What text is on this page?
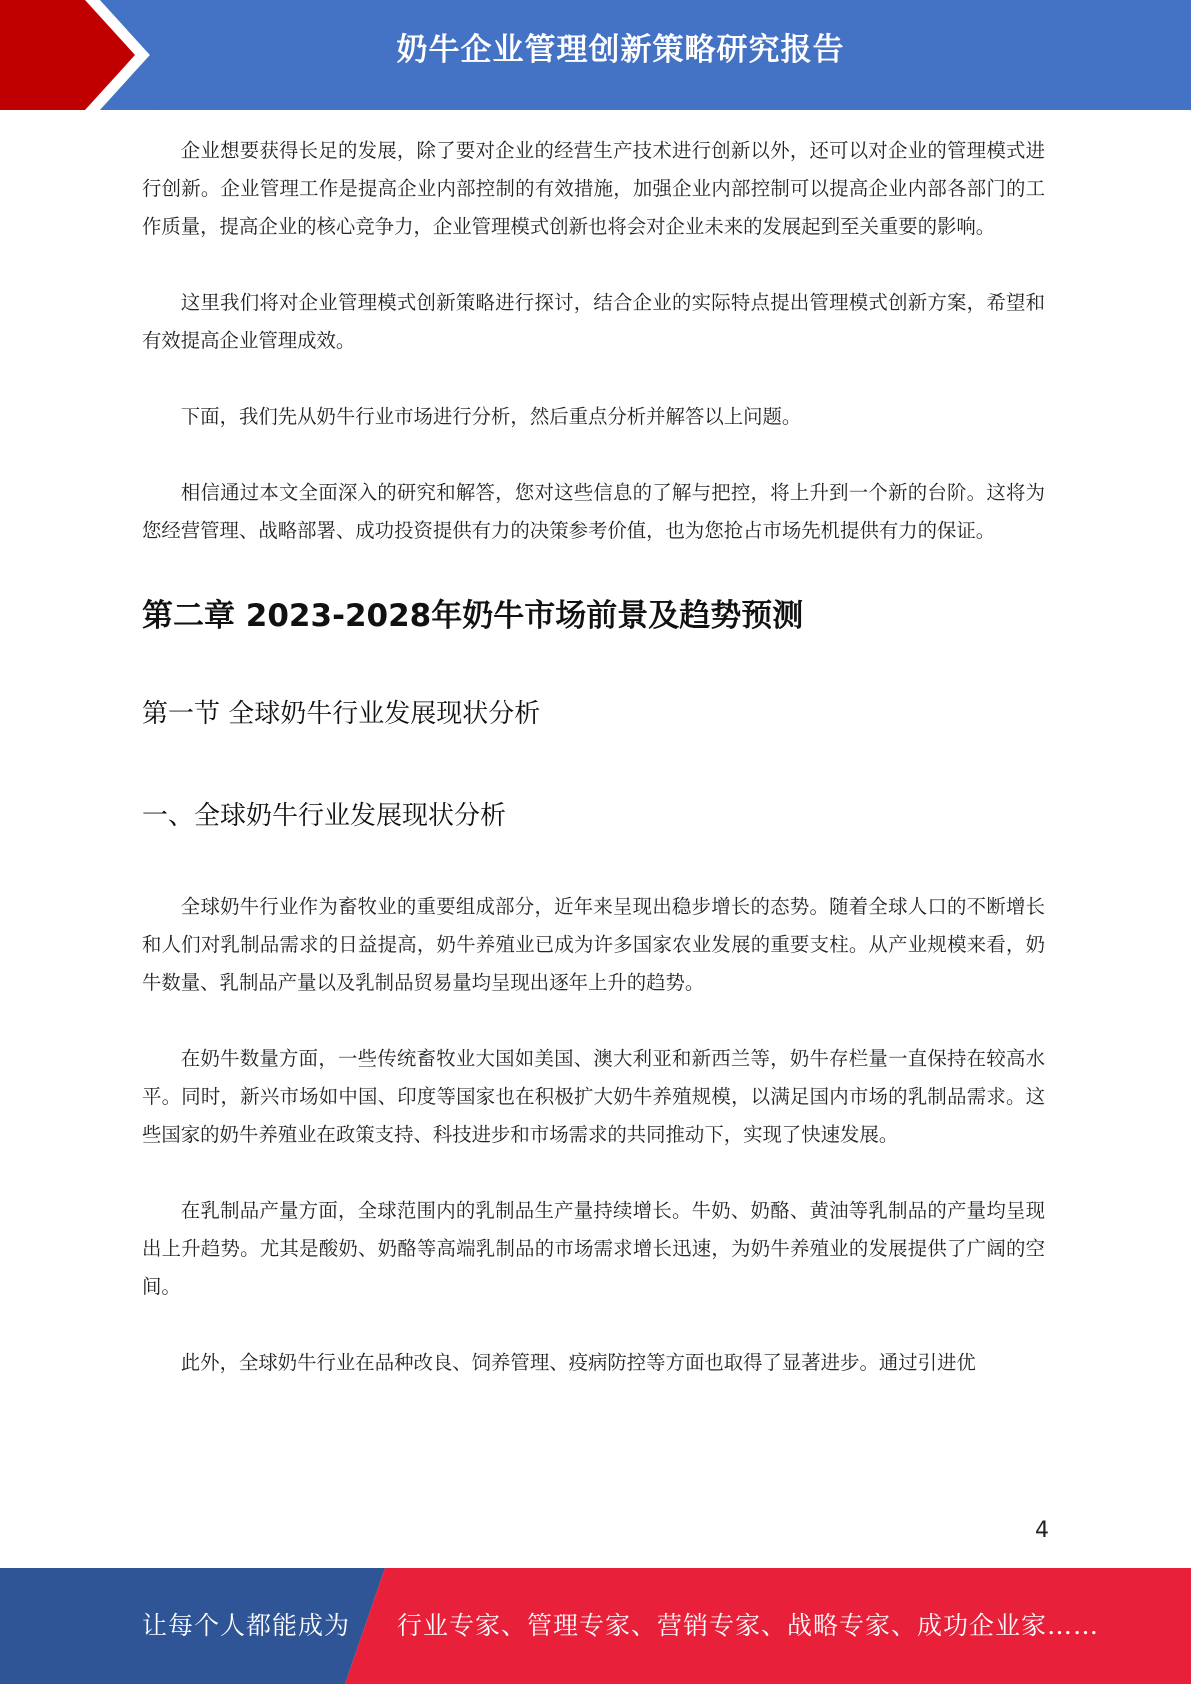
奶牛企业管理创新策略研究报告

企业想要获得长足的发展，除了要对企业的经营生产技术进行创新以外，还可以对企业的管理模式进行创新。企业管理工作是提高企业内部控制的有效措施，加强企业内部控制可以提高企业内部各部门的工作质量，提高企业的核心竞争力，企业管理模式创新也将会对企业未来的发展起到至关重要的影响。

这里我们将对企业管理模式创新策略进行探讨，结合企业的实际特点提出管理模式创新方案，希望和有效提高企业管理成效。

下面，我们先从奶牛行业市场进行分析，然后重点分析并解答以上问题。

相信通过本文全面深入的研究和解答，您对这些信息的了解与把控，将上升到一个新的台阶。这将为您经营管理、战略部署、成功投资提供有力的决策参考价值，也为您抢占市场先机提供有力的保证。

第二章 2023-2028年奶牛市场前景及趋势预测
第一节 全球奶牛行业发展现状分析
一、全球奶牛行业发展现状分析

全球奶牛行业作为畜牧业的重要组成部分，近年来呈现出稳步增长的态势。随着全球人口的不断增长和人们对乳制品需求的日益提高，奶牛养殖业已成为许多国家农业发展的重要支柱。从产业规模来看，奶牛数量、乳制品产量以及乳制品贸易量均呈现出逐年上升的趋势。

在奶牛数量方面，一些传统畜牧业大国如美国、澳大利亚和新西兰等，奶牛存栏量一直保持在较高水平。同时，新兴市场如中国、印度等国家也在积极扩大奶牛养殖规模，以满足国内市场的乳制品需求。这些国家的奶牛养殖业在政策支持、科技进步和市场需求的共同推动下，实现了快速发展。

在乳制品产量方面，全球范围内的乳制品生产量持续增长。牛奶、奶酪、黄油等乳制品的产量均呈现出上升趋势。尤其是酸奶、奶酪等高端乳制品的市场需求增长迅速，为奶牛养殖业的发展提供了广阔的空间。

此外，全球奶牛行业在品种改良、饲养管理、疫病防控等方面也取得了显著进步。通过引进优

4
让每个人都能成为 行业专家、管理专家、营销专家、战略专家、成功企业家……
